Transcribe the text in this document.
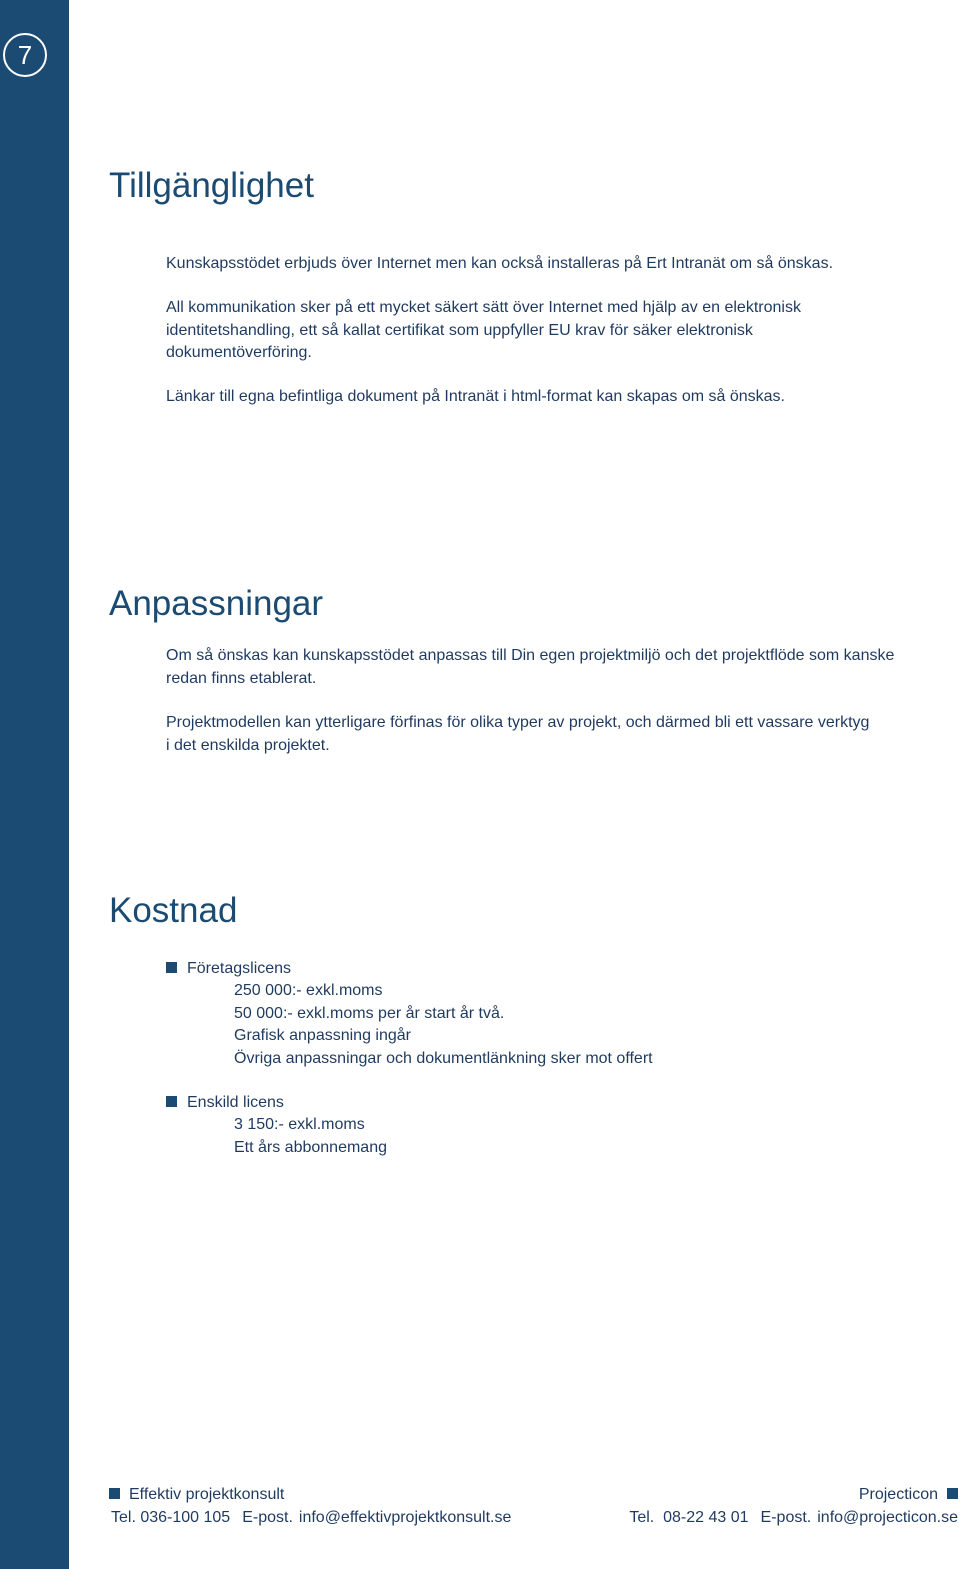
7
Tillgänglighet

Kunskapsstödet erbjuds över Internet men kan också installeras på Ert Intranät om så önskas.

All kommunikation sker på ett mycket säkert sätt över Internet med hjälp av en elektronisk identitetshandling, ett så kallat certifikat som uppfyller EU krav för säker elektronisk dokumentöverföring.

Länkar till egna befintliga dokument på Intranät i html-format kan skapas om så önskas.

Anpassningar

Om så önskas kan kunskapsstödet anpassas till Din egen projektmiljö och det projektflöde som kanske redan finns etablerat.

Projektmodellen kan ytterligare förfinas för olika typer av projekt, och därmed bli ett vassare verktyg i det enskilda projektet.

Kostnad

Företagslicens

250 000:- exkl.moms
50 000:- exkl.moms per år start år två.
Grafisk anpassning ingår
Övriga anpassningar och dokumentlänkning sker mot offert

Enskild licens

3 150:- exkl.moms
Ett års abbonnemang

Effektiv projektkonsult

Tel. 036-100 105 E-post. info@effektivprojektkonsult.se

Projecticon

Tel.  08-22 43 01 E-post. info@projecticon.se
